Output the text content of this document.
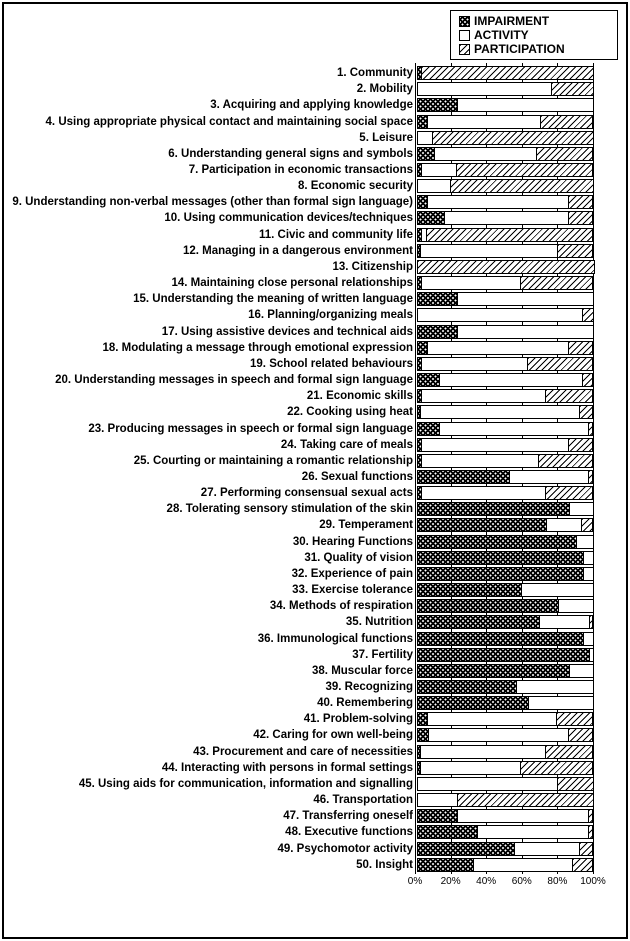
IMPAIRMENT
ACTIVITY
PARTICIPATION
1. Community
2. Mobility
3. Acquiring and applying knowledge
4. Using appropriate physical contact and maintaining social space
5. Leisure
6. Understanding general signs and symbols
7. Participation in economic transactions
8. Economic security
9. Understanding non-verbal messages (other than formal sign language)
10. Using communication devices/techniques
11. Civic and community life
12. Managing in a dangerous environment
13. Citizenship
14. Maintaining close personal relationships
15. Understanding the meaning of written language
16. Planning/organizing meals
17. Using assistive devices and technical aids
18. Modulating a message through emotional expression
19. School related behaviours
20. Understanding messages in speech and formal sign language
21. Economic skills
22. Cooking using heat
23. Producing messages in speech or formal sign language
24. Taking care of meals
25. Courting or maintaining a romantic relationship
26. Sexual functions
27. Performing consensual sexual acts
28. Tolerating sensory stimulation of the skin
29. Temperament
30. Hearing Functions
31. Quality of vision
32. Experience of pain
33. Exercise tolerance
34. Methods of respiration
35. Nutrition
36. Immunological functions
37. Fertility
38. Muscular force
39. Recognizing
40. Remembering
41. Problem-solving
42. Caring for own well-being
43. Procurement and care of necessities
44. Interacting with persons in formal settings
45. Using aids for communication, information and signalling
46. Transportation
47. Transferring oneself
48. Executive functions
49. Psychomotor activity
50. Insight
0% 20% 40% 60% 80% 100%
